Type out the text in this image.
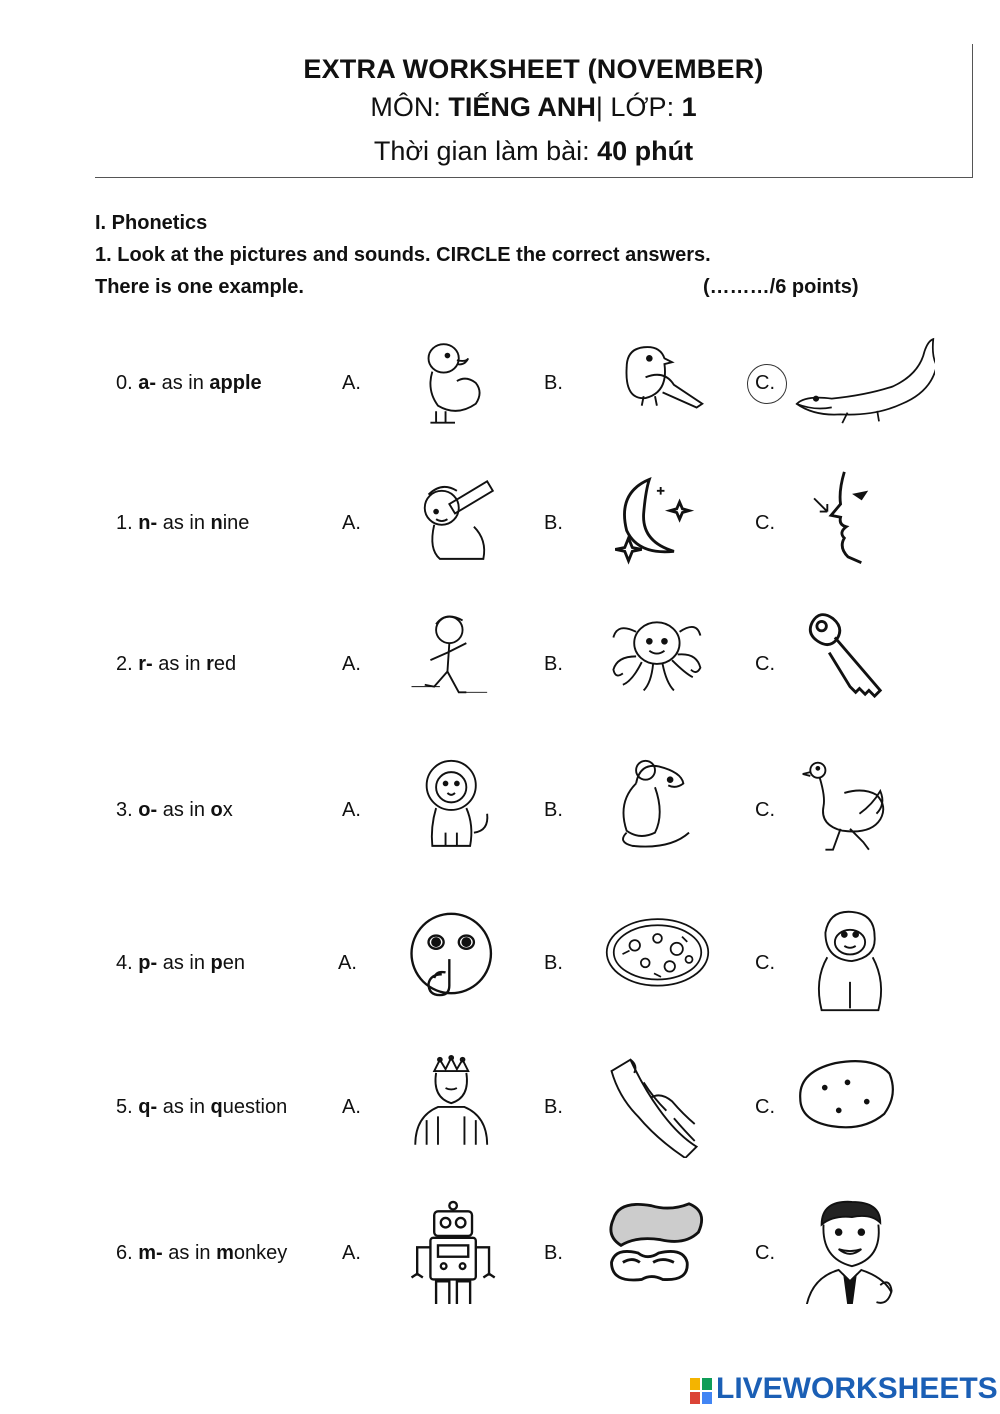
EXTRA WORKSHEET (NOVEMBER)
MÔN: TIẾNG ANH| LỚP: 1
Thời gian làm bài: 40 phút
I. Phonetics
1. Look at the pictures and sounds. CIRCLE the correct answers.
There is one example.	(………/6 points)
0. a- as in apple	A.	B.	C.
1. n- as in nine	A.	B.	C.
2. r- as in red	A.	B.	C.
3. o- as in ox	A.	B.	C.
4. p- as in pen	A.	B.	C.
5. q- as in question	A.	B.	C.
6. m- as in monkey	A.	B.	C.
LIVEWORKSHEETS
